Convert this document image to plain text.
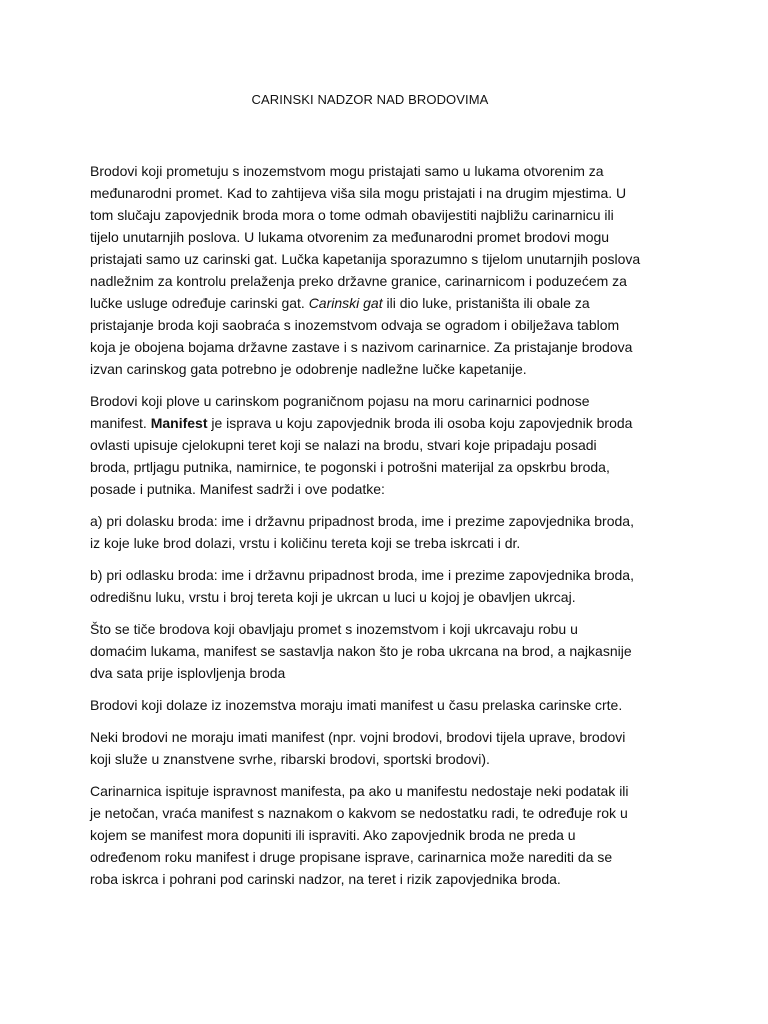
CARINSKI NADZOR NAD BRODOVIMA

Brodovi koji prometuju s inozemstvom mogu pristajati samo u lukama otvorenim za
međunarodni promet. Kad to zahtijeva viša sila mogu pristajati i na drugim mjestima. U
tom slučaju zapovjednik broda mora o tome odmah obavijestiti najbližu carinarnicu ili
tijelo unutarnjih poslova. U lukama otvorenim za međunarodni promet brodovi mogu
pristajati samo uz carinski gat. Lučka kapetanija sporazumno s tijelom unutarnjih poslova
nadležnim za kontrolu prelaženja preko državne granice, carinarnicom i poduzećem za
lučke usluge određuje carinski gat. Carinski gat ili dio luke, pristaništa ili obale za
pristajanje broda koji saobraća s inozemstvom odvaja se ogradom i obilježava tablom
koja je obojena bojama državne zastave i s nazivom carinarnice. Za pristajanje brodova
izvan carinskog gata potrebno je odobrenje nadležne lučke kapetanije.

Brodovi koji plove u carinskom pograničnom pojasu na moru carinarnici podnose
manifest. Manifest je isprava u koju zapovjednik broda ili osoba koju zapovjednik broda
ovlasti upisuje cjelokupni teret koji se nalazi na brodu, stvari koje pripadaju posadi
broda, prtljagu putnika, namirnice, te pogonski i potrošni materijal za opskrbu broda,
posade i putnika. Manifest sadrži i ove podatke:

a) pri dolasku broda: ime i državnu pripadnost broda, ime i prezime zapovjednika broda,
iz koje luke brod dolazi, vrstu i količinu tereta koji se treba iskrcati i dr.

b) pri odlasku broda: ime i državnu pripadnost broda, ime i prezime zapovjednika broda,
odredišnu luku, vrstu i broj tereta koji je ukrcan u luci u kojoj je obavljen ukrcaj.

Što se tiče brodova koji obavljaju promet s inozemstvom i koji ukrcavaju robu u
domaćim lukama, manifest se sastavlja nakon što je roba ukrcana na brod, a najkasnije
dva sata prije isplovljenja broda

Brodovi koji dolaze iz inozemstva moraju imati manifest u času prelaska carinske crte.

Neki brodovi ne moraju imati manifest (npr. vojni brodovi, brodovi tijela uprave, brodovi
koji služe u znanstvene svrhe, ribarski brodovi, sportski brodovi).

Carinarnica ispituje ispravnost manifesta, pa ako u manifestu nedostaje neki podatak ili
je netočan, vraća manifest s naznakom o kakvom se nedostatku radi, te određuje rok u
kojem se manifest mora dopuniti ili ispraviti. Ako zapovjednik broda ne preda u
određenom roku manifest i druge propisane isprave, carinarnica može narediti da se
roba iskrca i pohrani pod carinski nadzor, na teret i rizik zapovjednika broda.
